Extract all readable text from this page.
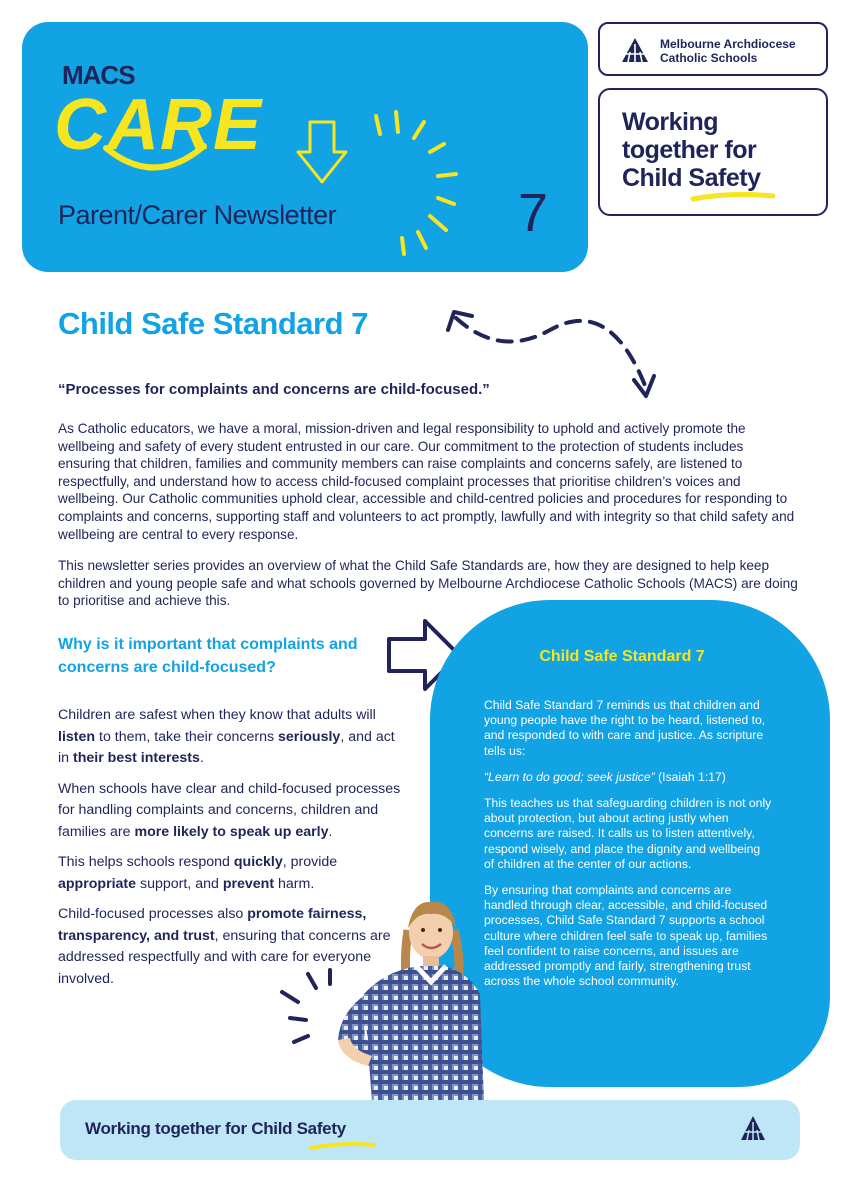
MACS
CARE
Parent/Carer Newsletter	7
Melbourne Archdiocese
Catholic Schools
Working
together for
Child Safety
Child Safe Standard 7
“Processes for complaints and concerns are child-focused.”
As Catholic educators, we have a moral, mission-driven and legal responsibility to uphold and actively promote the wellbeing and safety of every student entrusted in our care. Our commitment to the protection of students includes ensuring that children, families and community members can raise complaints and concerns safely, are listened to respectfully, and understand how to access child-focused complaint processes that prioritise children’s voices and wellbeing. Our Catholic communities uphold clear, accessible and child-centred policies and procedures for responding to complaints and concerns, supporting staff and volunteers to act promptly, lawfully and with integrity so that child safety and wellbeing are central to every response.
This newsletter series provides an overview of what the Child Safe Standards are, how they are designed to help keep children and young people safe and what schools governed by Melbourne Archdiocese Catholic Schools (MACS) are doing to prioritise and achieve this.
Why is it important that complaints and concerns are child-focused?

Children are safest when they know that adults will listen to them, take their concerns seriously, and act in their best interests.

When schools have clear and child-focused processes for handling complaints and concerns, children and families are more likely to speak up early.

This helps schools respond quickly, provide appropriate support, and prevent harm.

Child-focused processes also promote fairness, transparency, and trust, ensuring that concerns are addressed respectfully and with care for everyone involved.

Child Safe Standard 7

Child Safe Standard 7 reminds us that children and young people have the right to be heard, listened to, and responded to with care and justice. As scripture tells us:

“Learn to do good; seek justice” (Isaiah 1:17)

This teaches us that safeguarding children is not only about protection, but about acting justly when concerns are raised. It calls us to listen attentively, respond wisely, and place the dignity and wellbeing of children at the center of our actions.

By ensuring that complaints and concerns are handled through clear, accessible, and child-focused processes, Child Safe Standard 7 supports a school culture where children feel safe to speak up, families feel confident to raise concerns, and issues are addressed promptly and fairly, strengthening trust across the whole school community.

Working together for Child Safety
